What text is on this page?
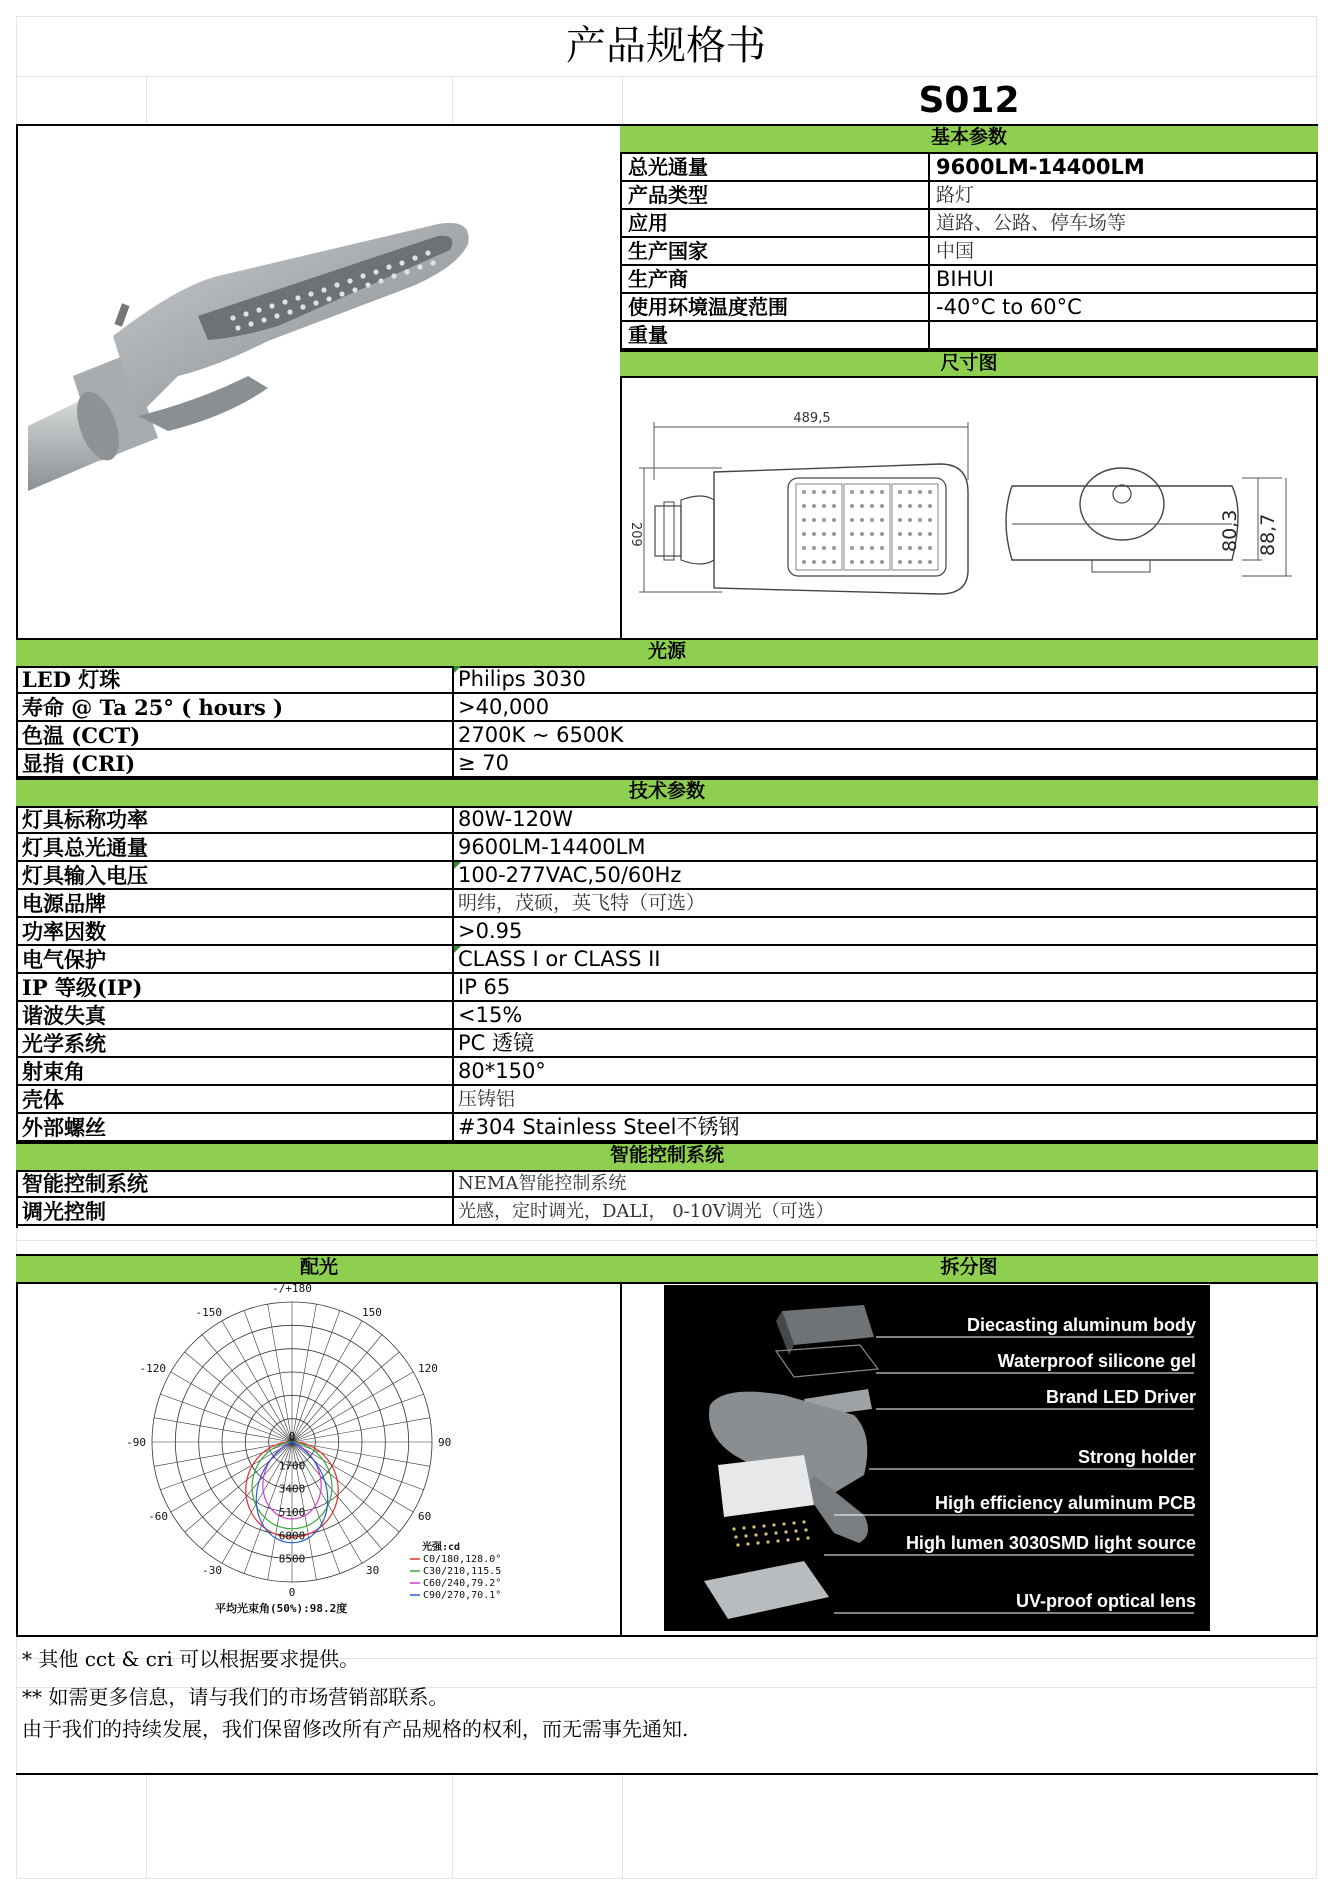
产品规格书
S012
基本参数
总光通量	9600LM-14400LM
产品类型	路灯
应用	道路、公路、停车场等
生产国家	中国
生产商	BIHUI
使用环境温度范围	-40°C to 60°C
重量
尺寸图
489,5
209	80,3 88,7
光源
LED 灯珠	Philips 3030
寿命 @ Ta 25° ( hours )	>40,000
色温 (CCT)	2700K ~ 6500K
显指 (CRI)	≥ 70
技术参数
灯具标称功率	80W-120W
灯具总光通量	9600LM-14400LM
灯具输入电压	100-277VAC,50/60Hz
电源品牌	明纬，茂硕，英飞特（可选）
功率因数	>0.95
电气保护	CLASS I or CLASS II
IP 等级(IP)	IP 65
谐波失真	<15%
光学系统	PC 透镜
射束角	80*150°
壳体	压铸铝
外部螺丝	#304 Stainless Steel不锈钢
智能控制系统
智能控制系统	NEMA智能控制系统
调光控制	光感，定时调光，DALI， 0-10V调光（可选）
配光	拆分图
-/+180
-150	150
-120	120
-90	90
-60	60
-30	30
0
0
1700
3400
5100
6800
8500
光强:cd
C0/180,128.0°
C30/210,115.5
C60/240,79.2°
C90/270,70.1°
平均光束角(50%):98.2度
Diecasting aluminum body
Waterproof silicone gel
Brand LED Driver
Strong holder
High efficiency aluminum PCB
High lumen 3030SMD light source
UV-proof optical lens
* 其他 cct & cri 可以根据要求提供。
** 如需更多信息，请与我们的市场营销部联系。
由于我们的持续发展，我们保留修改所有产品规格的权利，而无需事先通知.
